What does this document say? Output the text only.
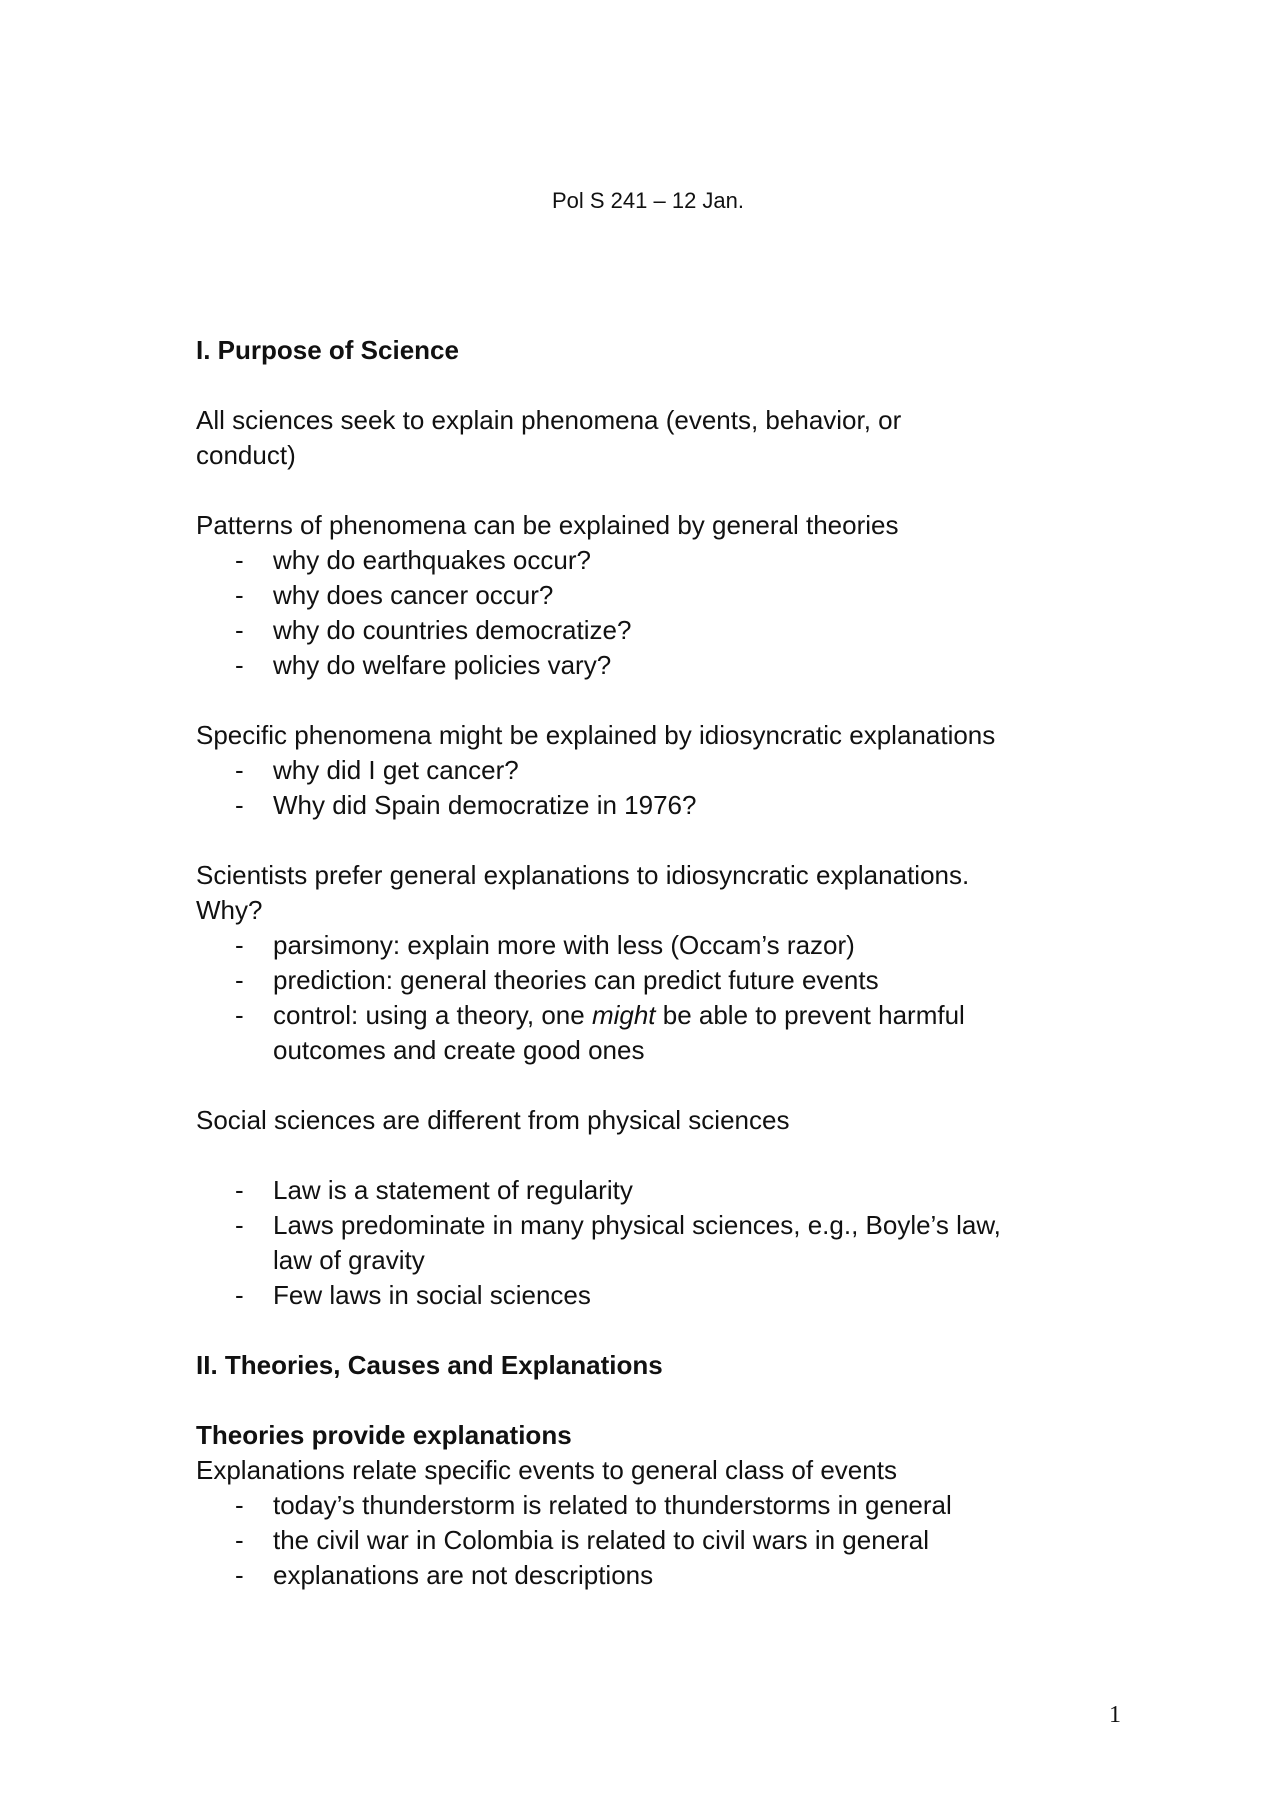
Pol S 241 – 12 Jan.
I. Purpose of Science
All sciences seek to explain phenomena (events, behavior, or
conduct)
Patterns of phenomena can be explained by general theories
- why do earthquakes occur?
- why does cancer occur?
- why do countries democratize?
- why do welfare policies vary?
Specific phenomena might be explained by idiosyncratic explanations
- why did I get cancer?
- Why did Spain democratize in 1976?
Scientists prefer general explanations to idiosyncratic explanations.
Why?
- parsimony: explain more with less (Occam’s razor)
- prediction: general theories can predict future events
- control: using a theory, one might be able to prevent harmful
outcomes and create good ones
Social sciences are different from physical sciences
- Law is a statement of regularity
- Laws predominate in many physical sciences, e.g., Boyle’s law,
law of gravity
- Few laws in social sciences
II. Theories, Causes and Explanations
Theories provide explanations
Explanations relate specific events to general class of events
- today’s thunderstorm is related to thunderstorms in general
- the civil war in Colombia is related to civil wars in general
- explanations are not descriptions
1
